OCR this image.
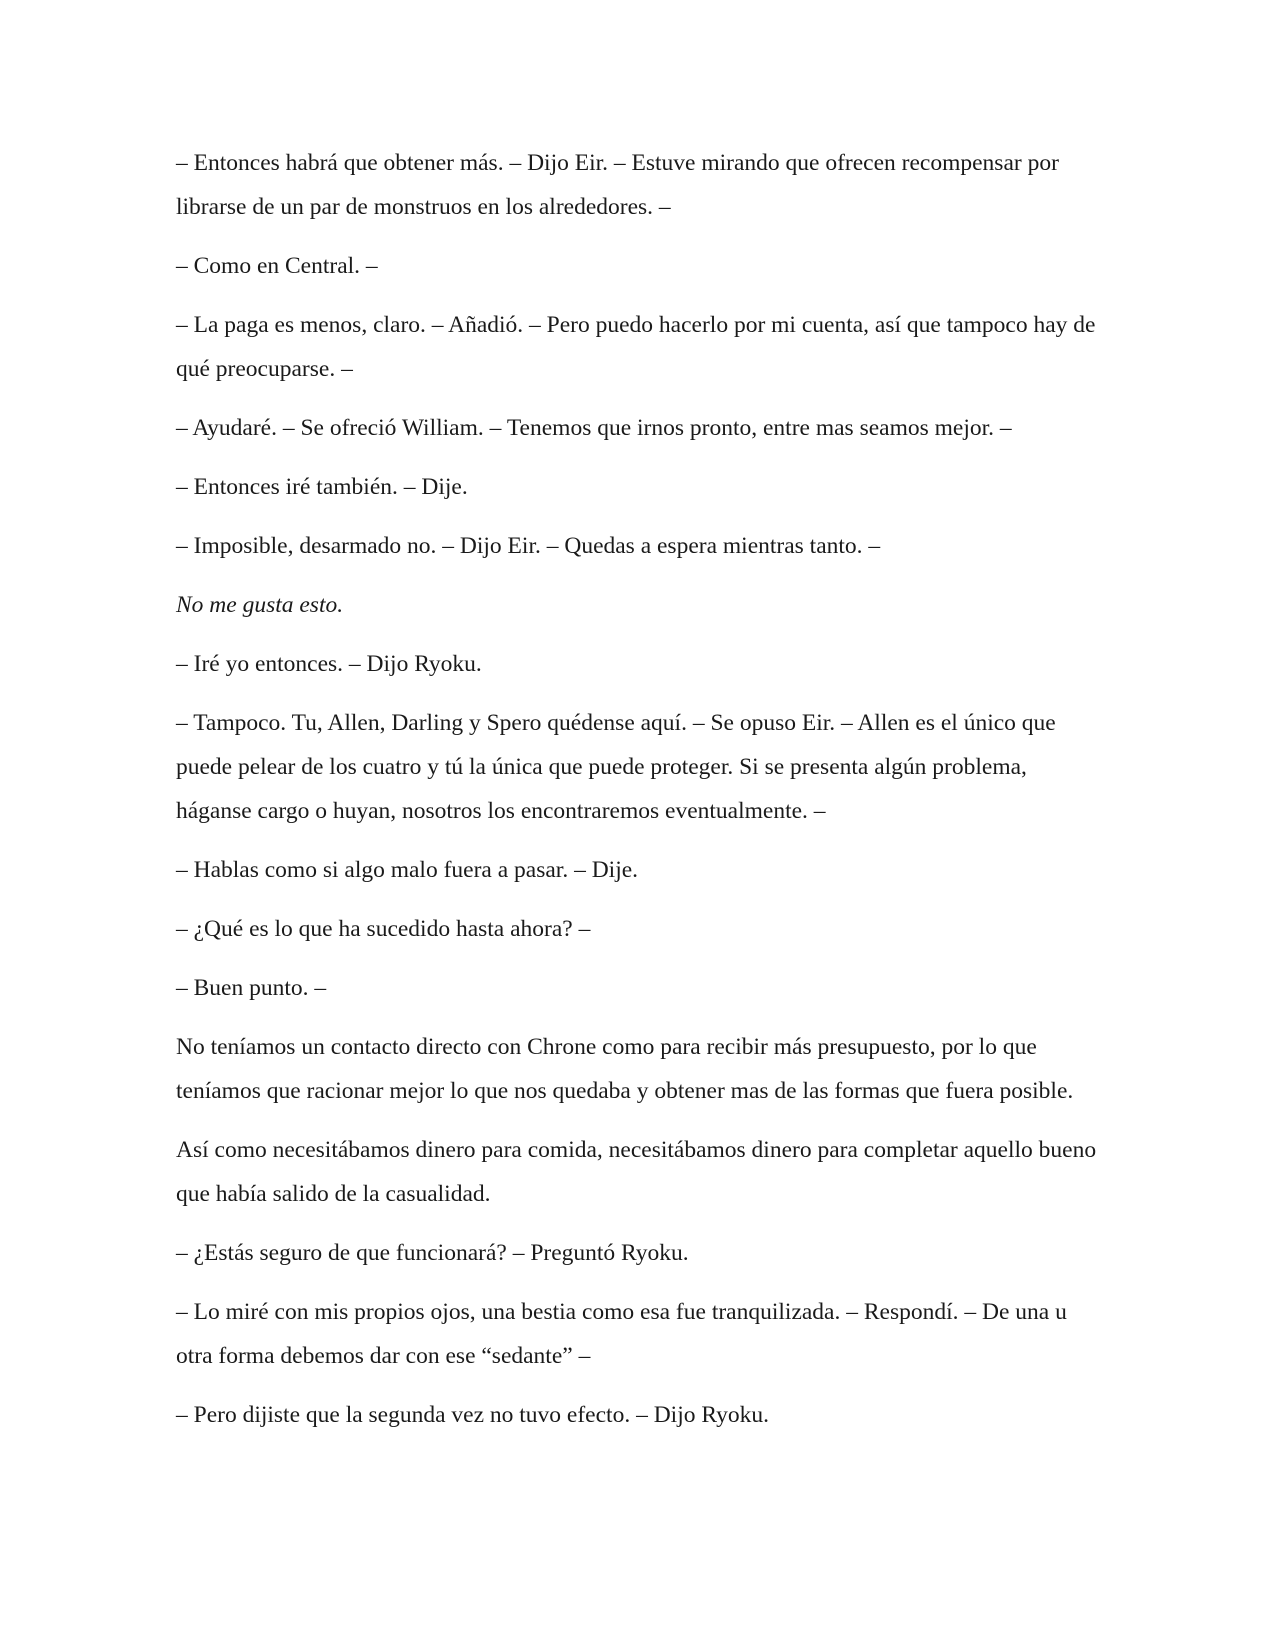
– Entonces habrá que obtener más. – Dijo Eir. – Estuve mirando que ofrecen recompensar por librarse de un par de monstruos en los alrededores. –

– Como en Central. –

– La paga es menos, claro. – Añadió. – Pero puedo hacerlo por mi cuenta, así que tampoco hay de qué preocuparse. –

– Ayudaré. – Se ofreció William. – Tenemos que irnos pronto, entre mas seamos mejor. –

– Entonces iré también. – Dije.

– Imposible, desarmado no. – Dijo Eir. – Quedas a espera mientras tanto. –

No me gusta esto.

– Iré yo entonces. – Dijo Ryoku.

– Tampoco. Tu, Allen, Darling y Spero quédense aquí. – Se opuso Eir. – Allen es el único que puede pelear de los cuatro y tú la única que puede proteger. Si se presenta algún problema, háganse cargo o huyan, nosotros los encontraremos eventualmente. –

– Hablas como si algo malo fuera a pasar. – Dije.

– ¿Qué es lo que ha sucedido hasta ahora? –

– Buen punto. –

No teníamos un contacto directo con Chrone como para recibir más presupuesto, por lo que teníamos que racionar mejor lo que nos quedaba y obtener mas de las formas que fuera posible.

Así como necesitábamos dinero para comida, necesitábamos dinero para completar aquello bueno que había salido de la casualidad.

– ¿Estás seguro de que funcionará? – Preguntó Ryoku.

– Lo miré con mis propios ojos, una bestia como esa fue tranquilizada. – Respondí. – De una u otra forma debemos dar con ese “sedante” –

– Pero dijiste que la segunda vez no tuvo efecto. – Dijo Ryoku.
